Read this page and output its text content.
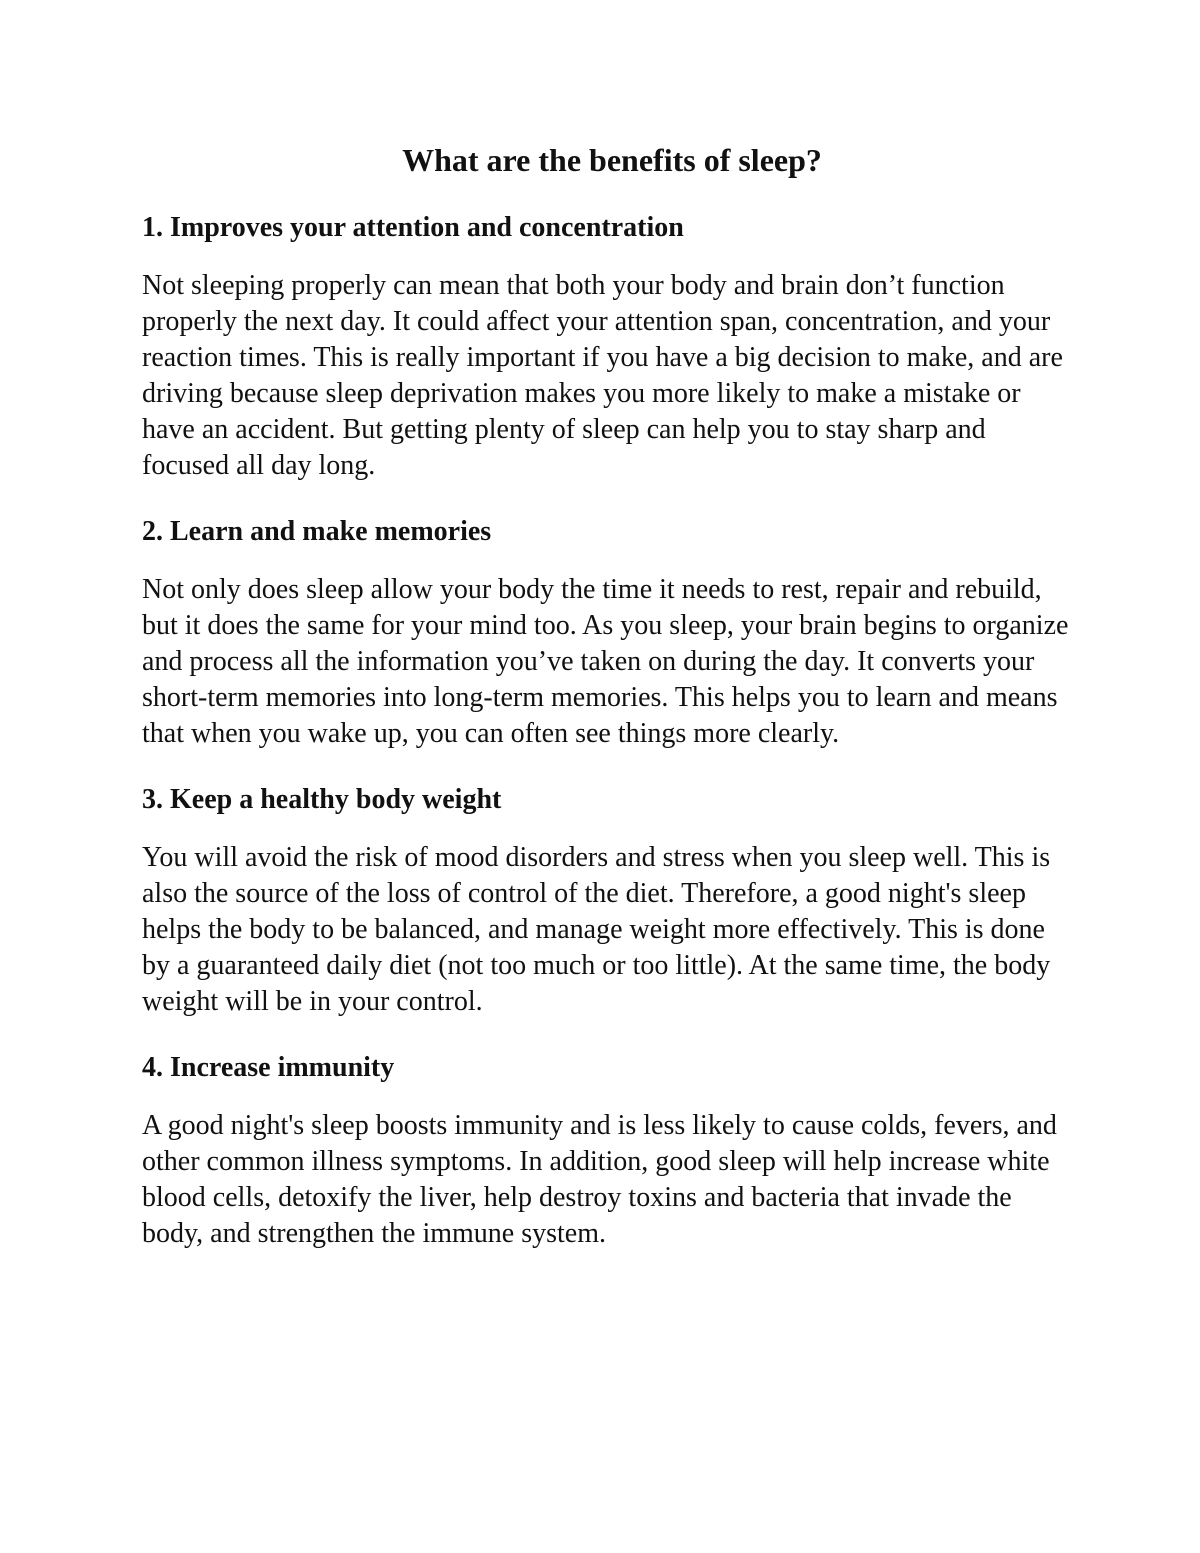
What are the benefits of sleep?
1. Improves your attention and concentration

Not sleeping properly can mean that both your body and brain don’t function properly the next day. It could affect your attention span, concentration, and your reaction times. This is really important if you have a big decision to make, and are driving because sleep deprivation makes you more likely to make a mistake or have an accident. But getting plenty of sleep can help you to stay sharp and focused all day long.

2. Learn and make memories

Not only does sleep allow your body the time it needs to rest, repair and rebuild, but it does the same for your mind too. As you sleep, your brain begins to organize and process all the information you’ve taken on during the day. It converts your short-term memories into long-term memories. This helps you to learn and means that when you wake up, you can often see things more clearly.

3. Keep a healthy body weight

You will avoid the risk of mood disorders and stress when you sleep well. This is also the source of the loss of control of the diet. Therefore, a good night's sleep helps the body to be balanced, and manage weight more effectively. This is done by a guaranteed daily diet (not too much or too little). At the same time, the body weight will be in your control.

4. Increase immunity

A good night's sleep boosts immunity and is less likely to cause colds, fevers, and other common illness symptoms. In addition, good sleep will help increase white blood cells, detoxify the liver, help destroy toxins and bacteria that invade the body, and strengthen the immune system.
